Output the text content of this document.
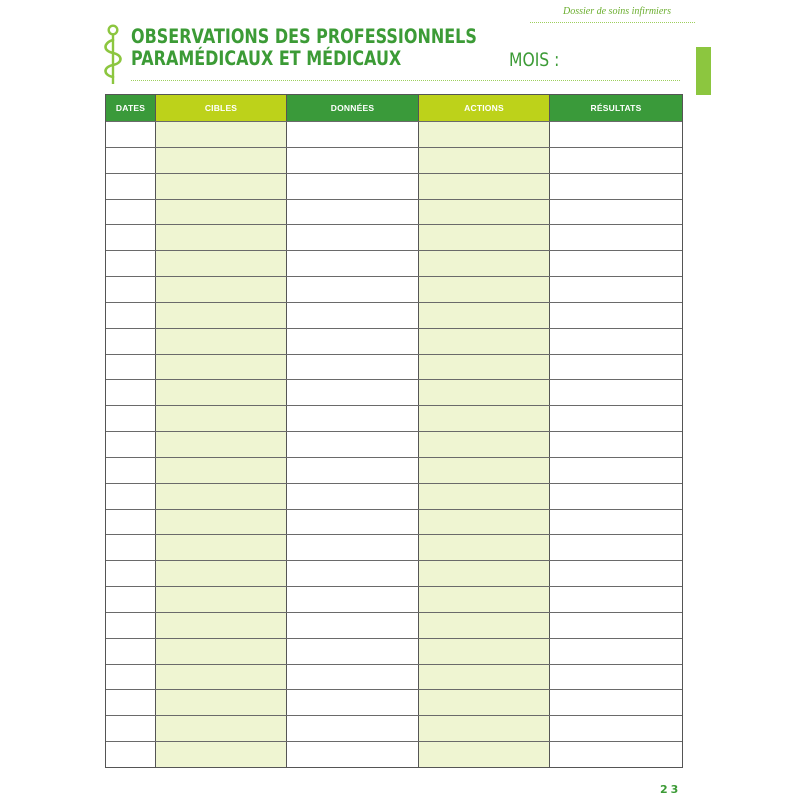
Dossier de soins infirmiers
OBSERVATIONS DES PROFESSIONNELS
PARAMÉDICAUX ET MÉDICAUX	MOIS :
DATES	CIBLES	DONNÉES	ACTIONS	RÉSULTATS
23
